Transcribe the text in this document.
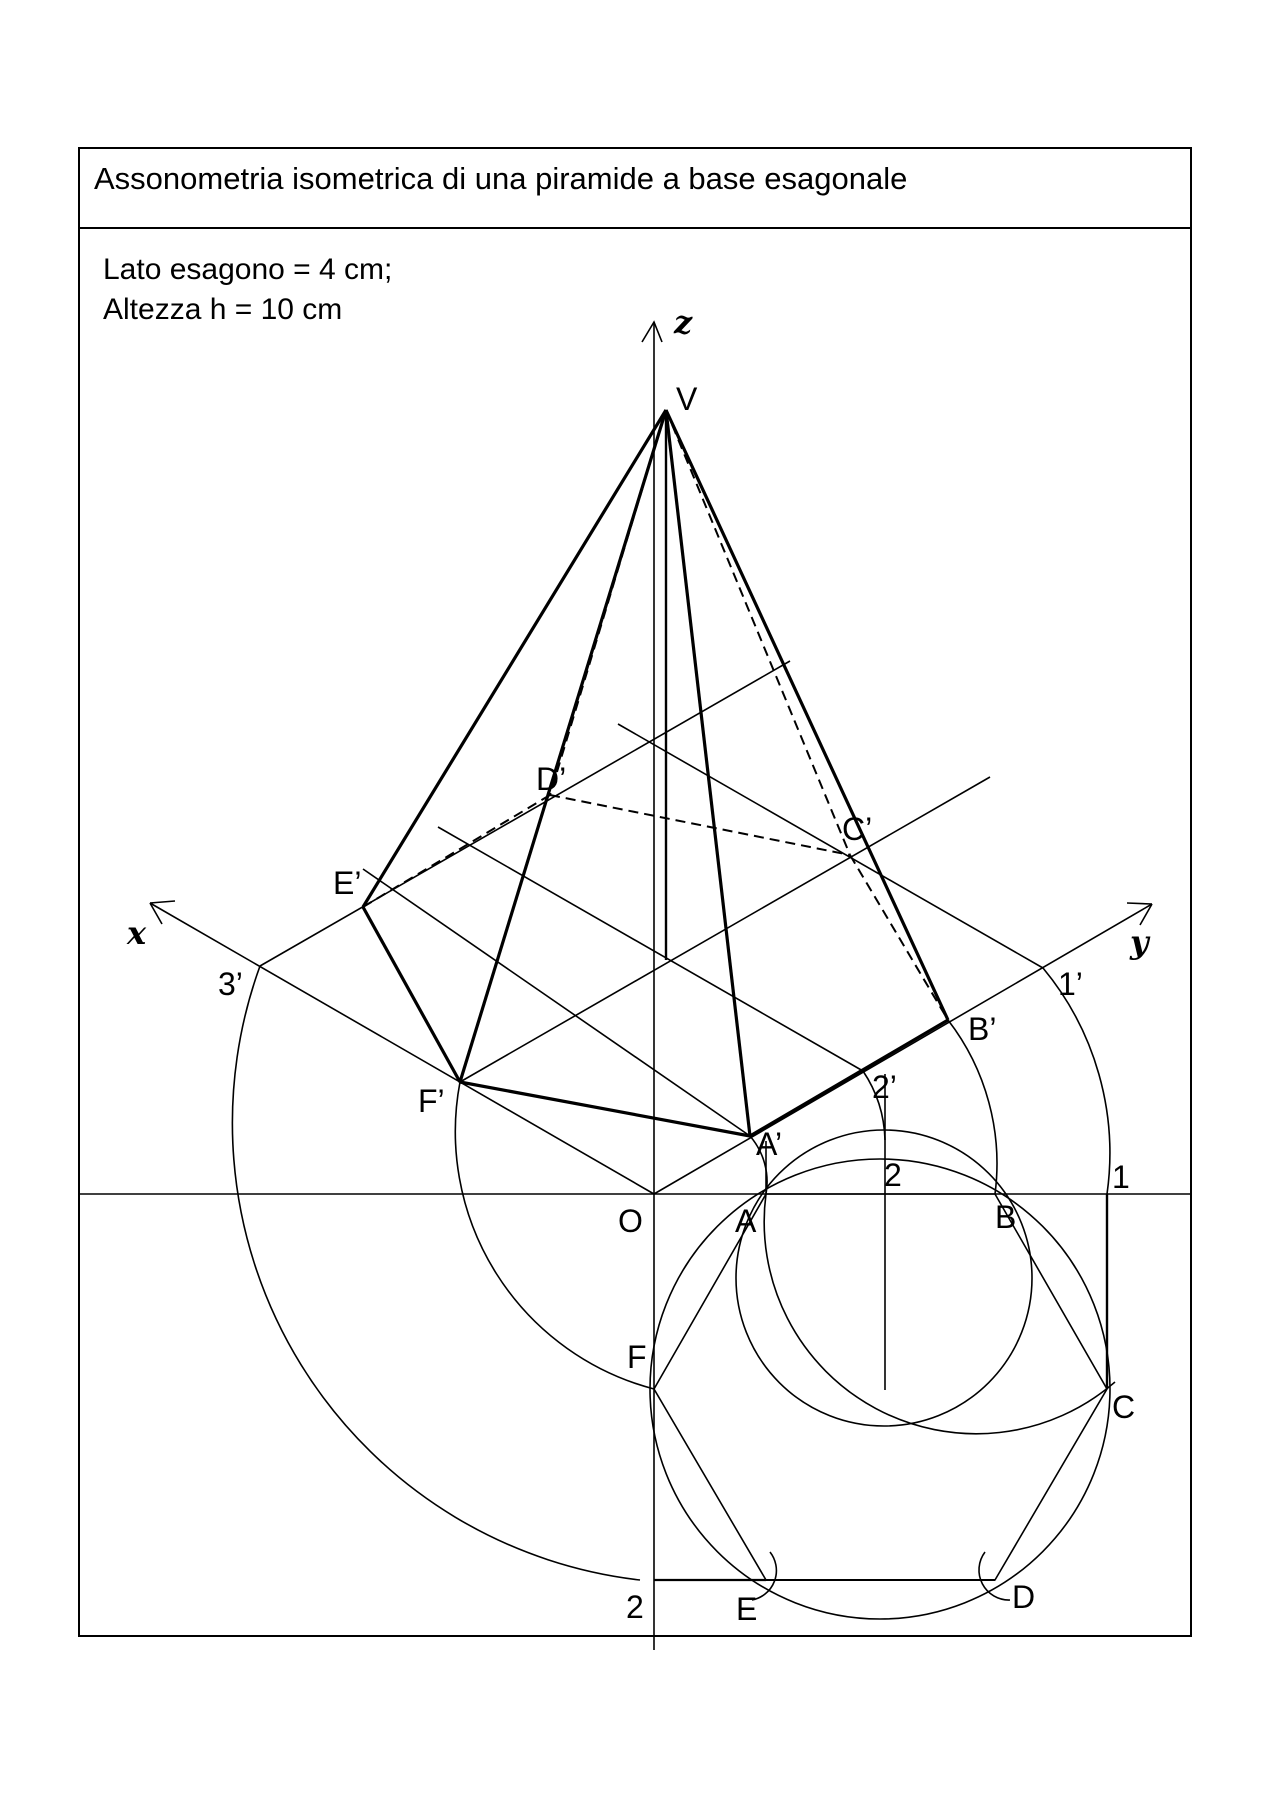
Assonometria isometrica di una piramide a base esagonale
Lato esagono = 4 cm;
Altezza h = 10 cm	z
x	y
V
O
A’
B’
C’
D’
E’
F’
A	B
C
D
E
F
1’
2’
3’
1
2
2
